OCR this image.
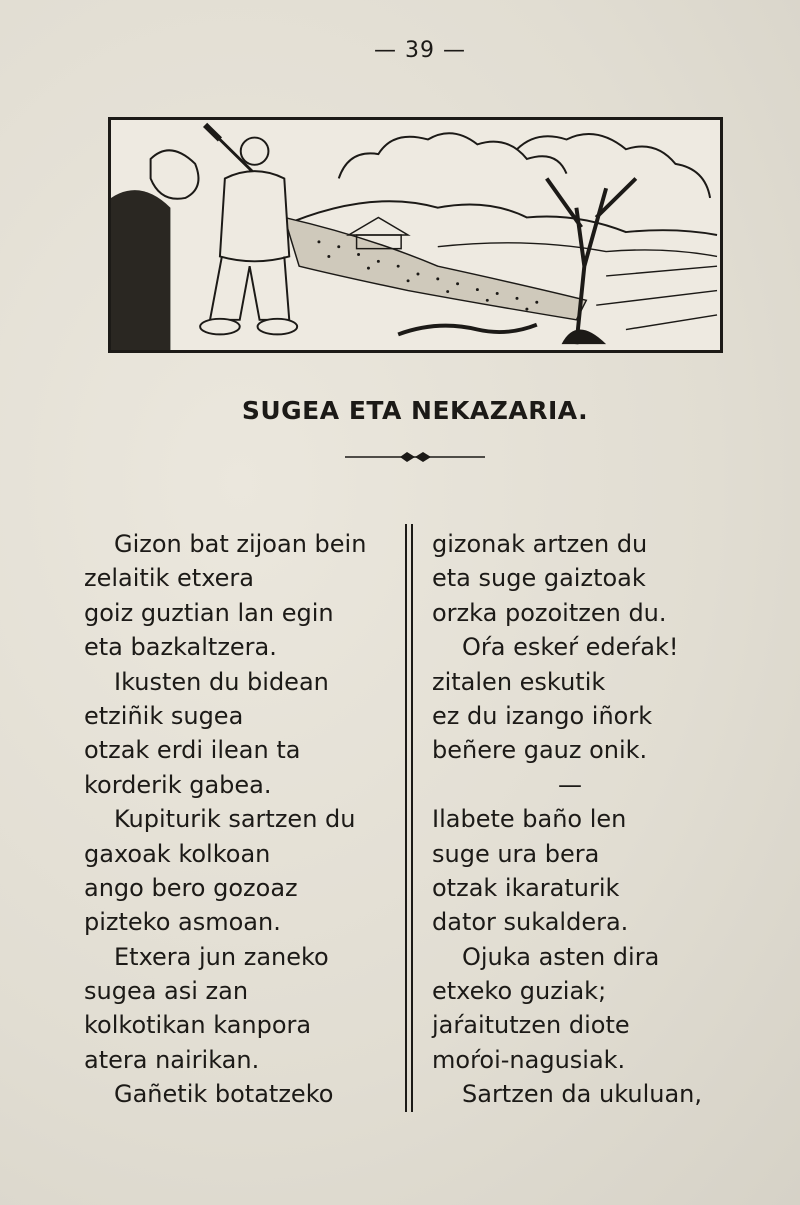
— 39 —
SUGEA ETA NEKAZARIA.
Gizon bat zijoan bein
zelaitik etxera
goiz guztian lan egin
eta bazkaltzera.
Ikusten du bidean
etziñik sugea
otzak erdi ilean ta
korderik gabea.
Kupiturik sartzen du
gaxoak kolkoan
ango bero gozoaz
pizteko asmoan.
Etxera jun zaneko
sugea asi zan
kolkotikan kanpora
atera nairikan.
Gañetik botatzeko
gizonak artzen du
eta suge gaiztoak
orzka pozoitzen du.
Oŕa eskeŕ edeŕak!
zitalen eskutik
ez du izango iñork
beñere gauz onik.
—
Ilabete baño len
suge ura bera
otzak ikaraturik
dator sukaldera.
Ojuka asten dira
etxeko guziak;
jaŕaitutzen diote
moŕoi-nagusiak.
Sartzen da ukuluan,
